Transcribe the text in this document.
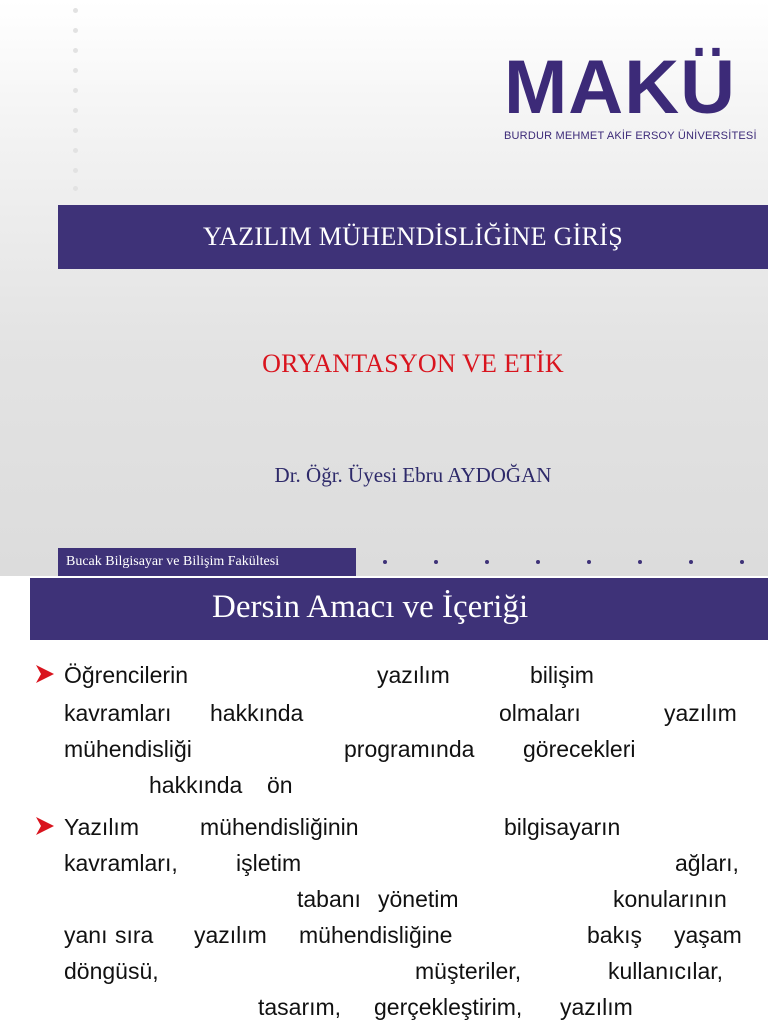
MAKÜ
BURDUR MEHMET AKİF ERSOY ÜNİVERSİTESİ
YAZILIM MÜHENDİSLİĞİNE GİRİŞ
ORYANTASYON VE ETİK
Dr. Öğr. Üyesi Ebru AYDOĞAN
Bucak Bilgisayar ve Bilişim Fakültesi
Dersin Amacı ve İçeriği
Öğrencilerin	yazılım	bilişim
kavramları hakkında	olmaları	yazılım
mühendisliği	programında görecekleri
hakkında ön
Yazılım	mühendisliğinin	bilgisayarın
kavramları,	işletim	ağları,
tabanı yönetim	konularının
yanı sıra yazılım mühendisliğine	bakış yaşam
döngüsü,	müşteriler,	kullanıcılar,
tasarım, gerçekleştirim, yazılım
